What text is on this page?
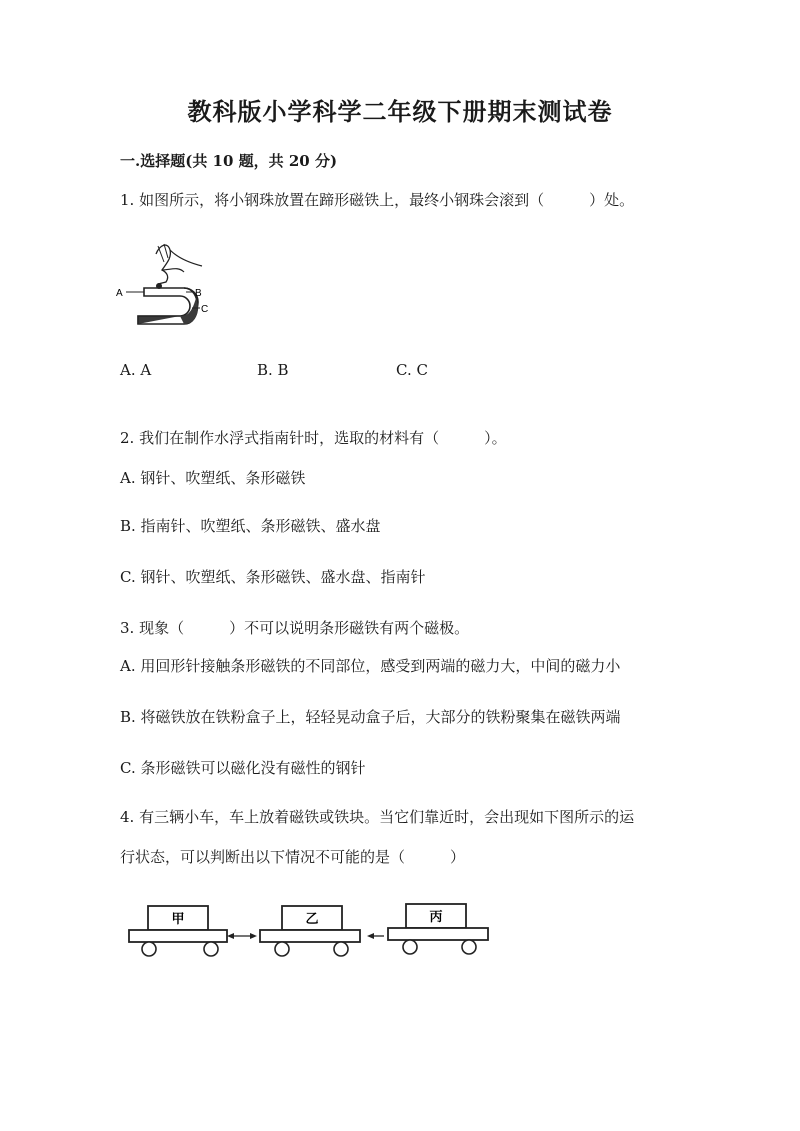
教科版小学科学二年级下册期末测试卷
一.选择题(共 10 题，共 20 分)
1. 如图所示，将小钢珠放置在蹄形磁铁上，最终小钢珠会滚到（　　　）处。
A	B
C
A. A	B. B	C. C
2. 我们在制作水浮式指南针时，选取的材料有（　　　）。
A. 钢针、吹塑纸、条形磁铁
B. 指南针、吹塑纸、条形磁铁、盛水盘
C. 钢针、吹塑纸、条形磁铁、盛水盘、指南针
3. 现象（　　　）不可以说明条形磁铁有两个磁极。
A. 用回形针接触条形磁铁的不同部位，感受到两端的磁力大，中间的磁力小
B. 将磁铁放在铁粉盒子上，轻轻晃动盒子后，大部分的铁粉聚集在磁铁两端
C. 条形磁铁可以磁化没有磁性的钢针
4. 有三辆小车，车上放着磁铁或铁块。当它们靠近时，会出现如下图所示的运
行状态，可以判断出以下情况不可能的是（　　　）
甲	乙	丙
